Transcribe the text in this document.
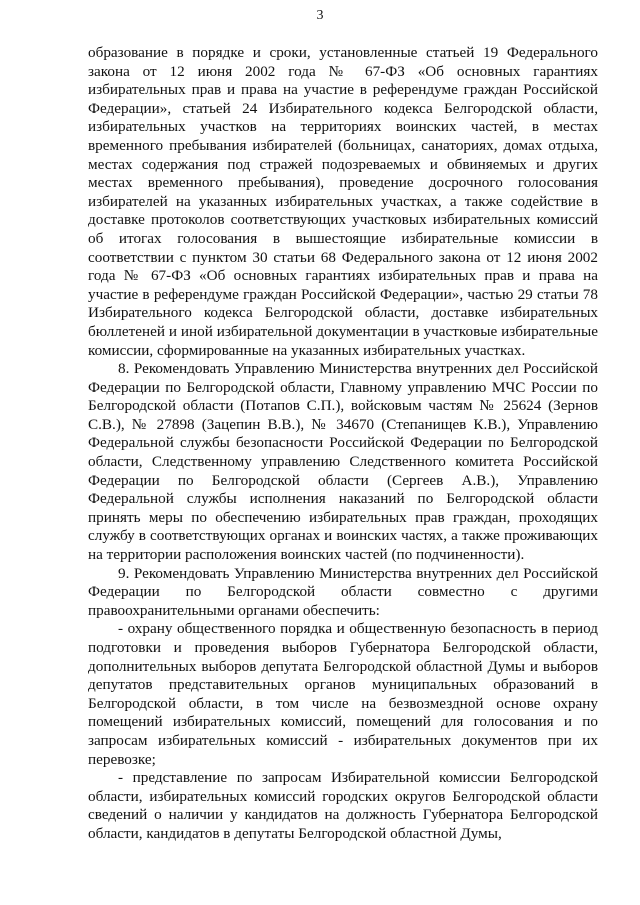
3

образование в порядке и сроки, установленные статьей 19 Федерального закона от 12 июня 2002 года № 67-ФЗ «Об основных гарантиях избирательных прав и права на участие в референдуме граждан Российской Федерации», статьей 24 Избирательного кодекса Белгородской области, избирательных участков на территориях воинских частей, в местах временного пребывания избирателей (больницах, санаториях, домах отдыха, местах содержания под стражей подозреваемых и обвиняемых и других местах временного пребывания), проведение досрочного голосования избирателей на указанных избирательных участках, а также содействие в доставке протоколов соответствующих участковых избирательных комиссий об итогах голосования в вышестоящие избирательные комиссии в соответствии с пунктом 30 статьи 68 Федерального закона от 12 июня 2002 года № 67-ФЗ «Об основных гарантиях избирательных прав и права на участие в референдуме граждан Российской Федерации», частью 29 статьи 78 Избирательного кодекса Белгородской области, доставке избирательных бюллетеней и иной избирательной документации в участковые избирательные комиссии, сформированные на указанных избирательных участках.

8. Рекомендовать Управлению Министерства внутренних дел Российской Федерации по Белгородской области, Главному управлению МЧС России по Белгородской области (Потапов С.П.), войсковым частям № 25624 (Зернов С.В.), № 27898 (Зацепин В.В.), № 34670 (Степанищев К.В.), Управлению Федеральной службы безопасности Российской Федерации по Белгородской области, Следственному управлению Следственного комитета Российской Федерации по Белгородской области (Сергеев А.В.), Управлению Федеральной службы исполнения наказаний по Белгородской области принять меры по обеспечению избирательных прав граждан, проходящих службу в соответствующих органах и воинских частях, а также проживающих на территории расположения воинских частей (по подчиненности).

9. Рекомендовать Управлению Министерства внутренних дел Российской Федерации по Белгородской области совместно с другими правоохранительными органами обеспечить:

- охрану общественного порядка и общественную безопасность в период подготовки и проведения выборов Губернатора Белгородской области, дополнительных выборов депутата Белгородской областной Думы и выборов депутатов представительных органов муниципальных образований в Белгородской области, в том числе на безвозмездной основе охрану помещений избирательных комиссий, помещений для голосования и по запросам избирательных комиссий - избирательных документов при их перевозке;

- представление по запросам Избирательной комиссии Белгородской области, избирательных комиссий городских округов Белгородской области сведений о наличии у кандидатов на должность Губернатора Белгородской области, кандидатов в депутаты Белгородской областной Думы,
